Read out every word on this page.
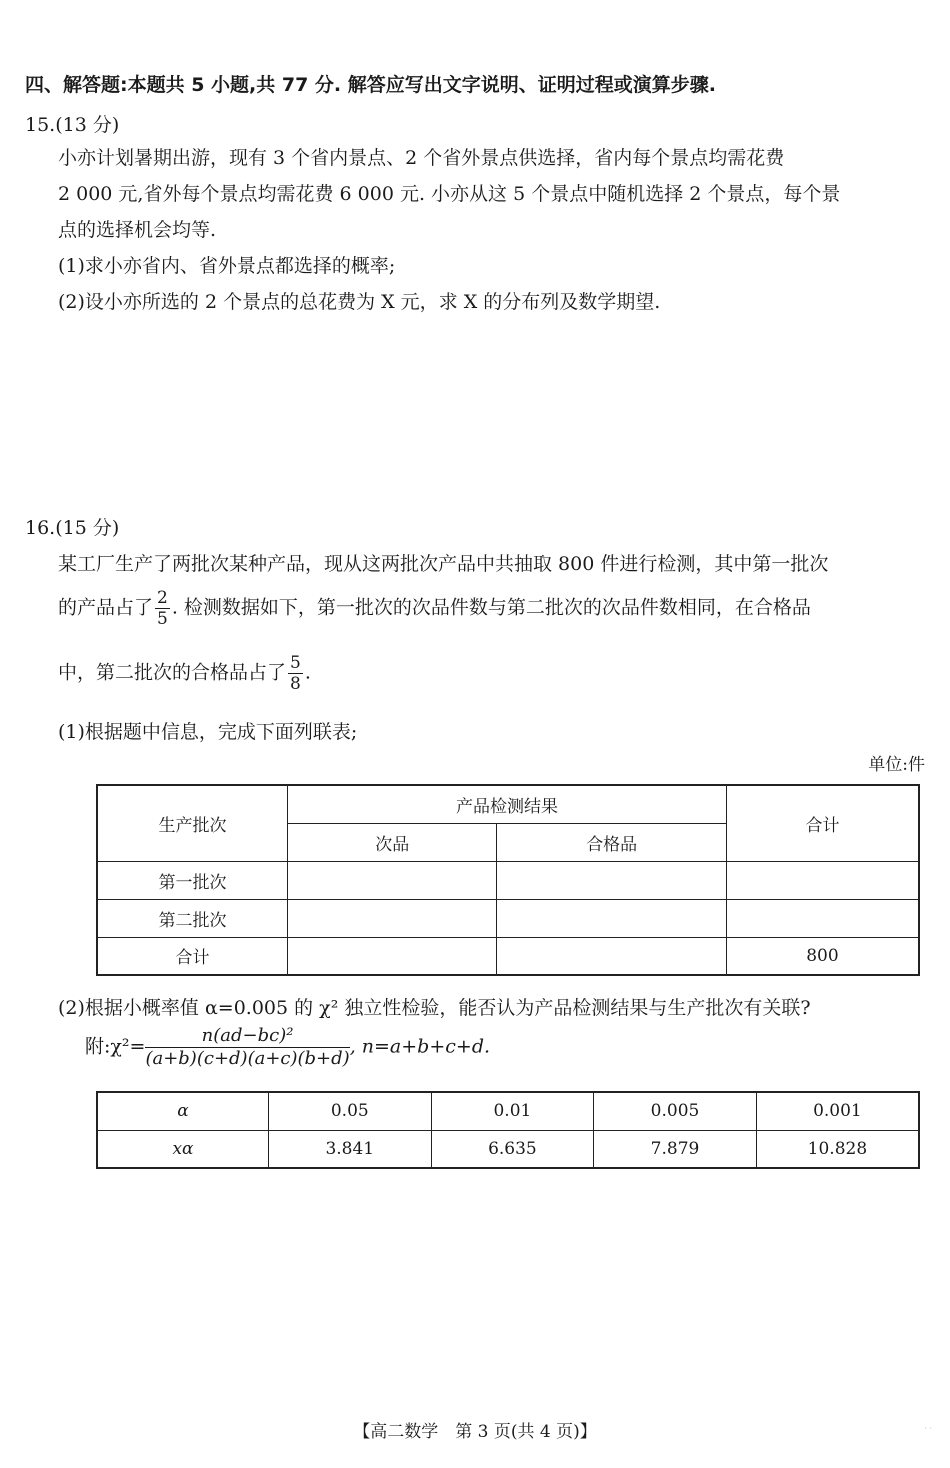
四、解答题:本题共 5 小题,共 77 分. 解答应写出文字说明、证明过程或演算步骤.
15.(13 分)
小亦计划暑期出游，现有 3 个省内景点、2 个省外景点供选择，省内每个景点均需花费
2 000 元,省外每个景点均需花费 6 000 元. 小亦从这 5 个景点中随机选择 2 个景点，每个景
点的选择机会均等.
(1)求小亦省内、省外景点都选择的概率;
(2)设小亦所选的 2 个景点的总花费为 X 元，求 X 的分布列及数学期望.
16.(15 分)
某工厂生产了两批次某种产品，现从这两批次产品中共抽取 800 件进行检测，其中第一批次
的产品占了 $\frac{2}{5}$ . 检测数据如下，第一批次的次品件数与第二批次的次品件数相同，在合格品
中，第二批次的合格品占了 $\frac{5}{8}$ .
(1)根据题中信息，完成下面列联表;
单位:件
生产批次	产品检测结果		合计
	次品	合格品	
第一批次			
第二批次			
合计			800
(2)根据小概率值 α=0.005 的 χ² 独立性检验，能否认为产品检测结果与生产批次有关联?
附:χ²= $\frac{\text{n(ad−bc)²}}{(a+b)(c+d)(a+c)(b+d)}$, n=a+b+c+d.
α	0.05	0.01	0.005	0.001
xα	3.841	6.635	7.879	10.828
【高二数学　第 3 页(共 4 页)】	· ·
